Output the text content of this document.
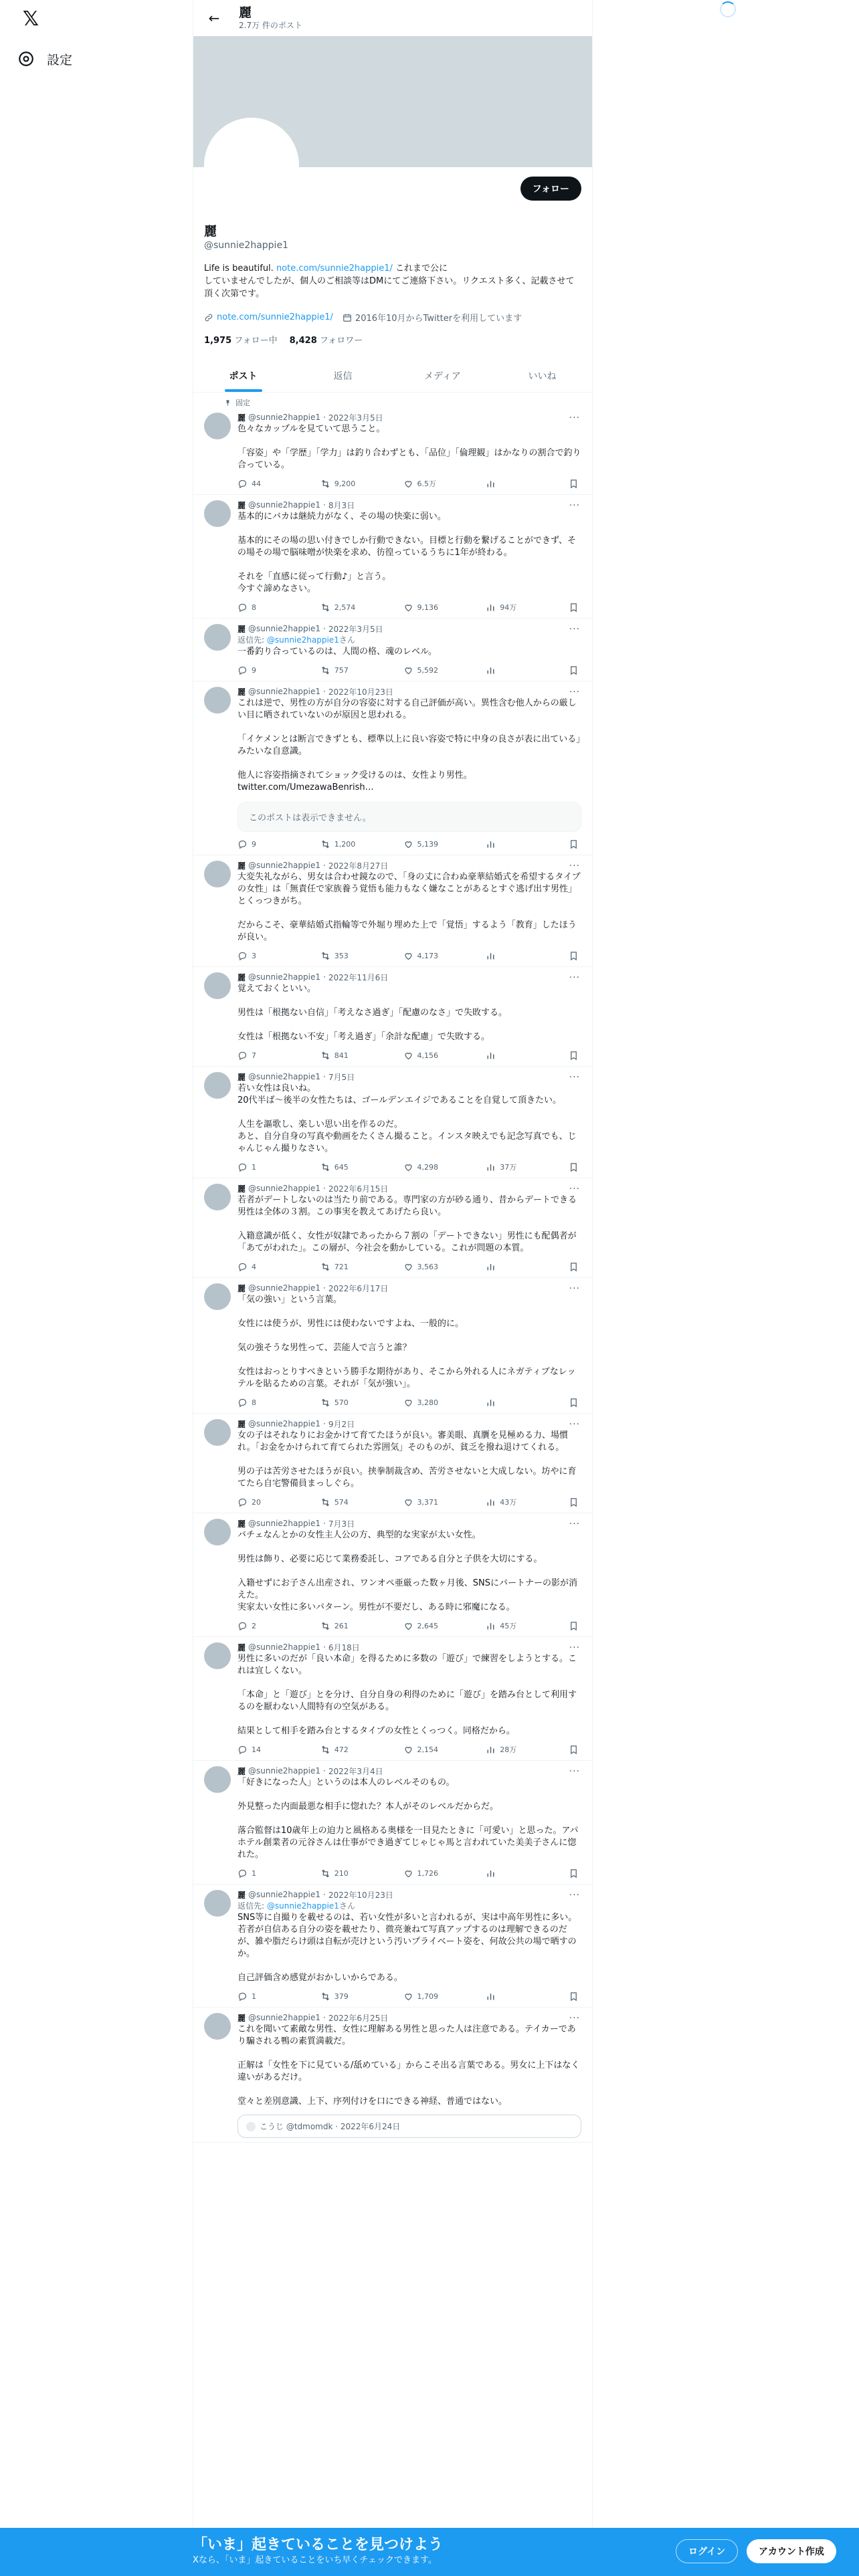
𝕏
設定
←	麗
2.7万 件のポスト
フォロー
麗
@sunnie2happie1
Life is beautiful. note.com/sunnie2happie1/ これまで公に
していませんでしたが、個人のご相談等はDMにてご連絡下さい。リクエスト多く、記載させて頂く次第です。
note.com/sunnie2happie1/	2016年10月からTwitterを利用しています
1,975 フォロー中 8,428 フォロワー
ポスト	返信	メディア	いいね
固定
麗 @sunnie2happie1 · 2022年3月5日	···
色々なカップルを見ていて思うこと。

「容姿」や「学歴」「学力」は釣り合わずとも、「品位」「倫理観」はかなりの割合で釣り合っている。
44	9,200	6.5万
麗 @sunnie2happie1 · 8月3日	···
基本的にバカは継続力がなく、その場の快楽に弱い。

基本的にその場の思い付きでしか行動できない。目標と行動を繋げることができず、その場その場で脳味噌が快楽を求め、彷徨っているうちに1年が終わる。

それを「直感に従って行動♪」と言う。
今すぐ諦めなさい。
8	2,574	9,136	94万
麗 @sunnie2happie1 · 2022年3月5日	···
返信先: @sunnie2happie1さん
一番釣り合っているのは、人間の格、魂のレベル。
9	757	5,592
麗 @sunnie2happie1 · 2022年10月23日	···
これは逆で、男性の方が自分の容姿に対する自己評価が高い。異性含む他人からの厳しい目に晒されていないのが原因と思われる。

「イケメンとは断言できずとも、標準以上に良い容姿で特に中身の良さが表に出ている」みたいな自意識。

他人に容姿指摘されてショック受けるのは、女性より男性。
twitter.com/UmezawaBenrish…
このポストは表示できません。
9	1,200	5,139
麗 @sunnie2happie1 · 2022年8月27日	···
大変失礼ながら、男女は合わせ鏡なので、「身の丈に合わぬ豪華結婚式を希望するタイプの女性」は「無責任で家族養う覚悟も能力もなく嫌なことがあるとすぐ逃げ出す男性」とくっつきがち。

だからこそ、豪華結婚式指輪等で外堀り埋めた上で「覚悟」するよう「教育」したほうが良い。
3	353	4,173
麗 @sunnie2happie1 · 2022年11月6日	···
覚えておくといい。

男性は「根拠ない自信」「考えなさ過ぎ」「配慮のなさ」で失敗する。

女性は「根拠ない不安」「考え過ぎ」「余計な配慮」で失敗する。
7	841	4,156
麗 @sunnie2happie1 · 7月5日	···
若い女性は良いね。
20代半ば〜後半の女性たちは、ゴールデンエイジであることを自覚して頂きたい。

人生を謳歌し、楽しい思い出を作るのだ。
あと、自分自身の写真や動画をたくさん撮ること。インスタ映えでも記念写真でも、じゃんじゃん撮りなさい。
1	645	4,298	37万
麗 @sunnie2happie1 · 2022年6月15日	···
若者がデートしないのは当たり前である。専門家の方が砂る通り、昔からデートできる男性は全体の３割。この事実を教えてあげたら良い。

入籍意識が低く、女性が奴隷であったから７割の「デートできない」男性にも配偶者が「あてがわれた」。この層が、今社会を動かしている。これが問題の本質。
4	721	3,563
麗 @sunnie2happie1 · 2022年6月17日	···
「気の強い」という言葉。

女性には使うが、男性には使わないですよね、一般的に。

気の強そうな男性って、芸能人で言うと誰？

女性はおっとりすべきという勝手な期待があり、そこから外れる人にネガティブなレッテルを貼るための言葉。それが「気が強い」。
8	570	3,280
麗 @sunnie2happie1 · 9月2日	···
女の子はそれなりにお金かけて育てたほうが良い。審美眼、真贋を見極める力、場慣れ。「お金をかけられて育てられた雰囲気」そのものが、貧乏を撥ね退けてくれる。

男の子は苦労させたほうが良い。挟拳制裁含め、苦労させないと大成しない。坊やに育てたら自宅警備員まっしぐら。
20	574	3,371	43万
麗 @sunnie2happie1 · 7月3日	···
バチェなんとかの女性主人公の方、典型的な実家が太い女性。

男性は飾り、必要に応じて業務委託し、コアである自分と子供を大切にする。

入籍せずにお子さん出産され、ワンオペ亜厳った数ヶ月後、SNSにパートナーの影が消えた。
実家太い女性に多いパターン。男性が不要だし、ある時に邪魔になる。
2	261	2,645	45万
麗 @sunnie2happie1 · 6月18日	···
男性に多いのだが「良い本命」を得るために多数の「遊び」で練習をしようとする。これは宜しくない。

「本命」と「遊び」とを分け、自分自身の利得のために「遊び」を踏み台として利用するのを厭わない人間特有の空気がある。

結果として相手を踏み台とするタイプの女性とくっつく。同格だから。
14	472	2,154	28万
麗 @sunnie2happie1 · 2022年3月4日	···
「好きになった人」というのは本人のレベルそのもの。

外見整った内面最悪な相手に惚れた？本人がそのレベルだからだ。

落合監督は10歳年上の迫力と風格ある奥様を一目見たときに「可愛い」と思った。アパホテル創業者の元谷さんは仕事ができ過ぎてじゃじゃ馬と言われていた美美子さんに惚れた。
1	210	1,726
麗 @sunnie2happie1 · 2022年10月23日	···
返信先: @sunnie2happie1さん
SNS等に自撮りを載せるのは、若い女性が多いと言われるが、実は中高年男性に多い。若者が自信ある自分の姿を載せたり、微亮兼ねて写真アップするのは理解できるのだが、雑や脂だらけ頭は自転が売けという汚いプライベート姿を、何故公共の場で晒すのか。

自己評価含め感覚がおかしいからである。
1	379	1,709
麗 @sunnie2happie1 · 2022年6月25日	···
これを聞いて素敵な男性、女性に理解ある男性と思った人は注意である。テイカーであり騙される鴨の素質満載だ。

正解は「女性を下に見ている/舐めている」からこそ出る言葉である。男女に上下はなく違いがあるだけ。

堂々と差別意識、上下、序列付けを口にできる神経、普通ではない。
こうじ @tdmomdk · 2022年6月24日
「いま」起きていることを見つけよう
Xなら、「いま」起きていることをいち早くチェックできます。
ログイン	アカウント作成
